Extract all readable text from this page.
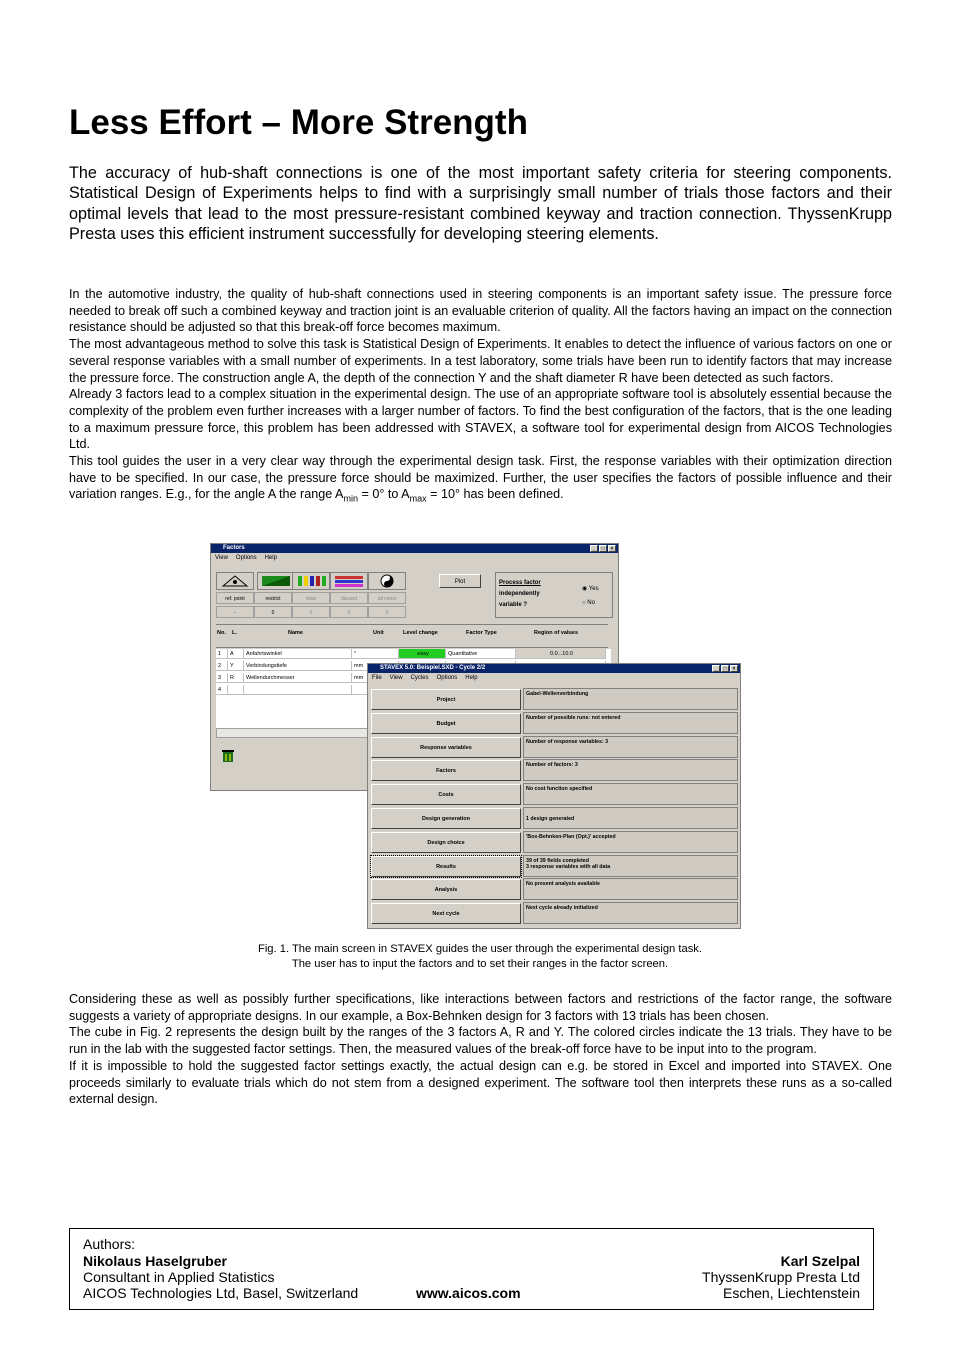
Less Effort – More Strength

The accuracy of hub-shaft connections is one of the most important safety criteria for steering components. Statistical Design of Experiments helps to find with a surprisingly small number of trials those factors and their optimal levels that lead to the most pressure-resistant combined keyway and traction connection. ThyssenKrupp Presta uses this efficient instrument successfully for developing steering elements.

In the automotive industry, the quality of hub-shaft connections used in steering components is an important safety issue. The pressure force needed to break off such a combined keyway and traction joint is an evaluable criterion of quality. All the factors having an impact on the connection resistance should be adjusted so that this break-off force becomes maximum.

The most advantageous method to solve this task is Statistical Design of Experiments. It enables to detect the influence of various factors on one or several response variables with a small number of experiments. In a test laboratory, some trials have been run to identify factors that may increase the pressure force. The construction angle A, the depth of the connection Y and the shaft diameter R have been detected as such factors.

Already 3 factors lead to a complex situation in the experimental design. The use of an appropriate software tool is absolutely essential because the complexity of the problem even further increases with a larger number of factors. To find the best configuration of the factors, that is the one leading to a maximum pressure force, this problem has been addressed with STAVEX, a software tool for experimental design from AICOS Technologies Ltd.

This tool guides the user in a very clear way through the experimental design task. First, the response variables with their optimization direction have to be specified. In our case, the pressure force should be maximized. Further, the user specifies the factors of possible influence and their variation ranges. E.g., for the angle A the range $A_{min} = 0^\circ$ to $A_{max} = 10^\circ$ has been defined.

Factors	_	□	×
View Options Help
ref. point	restrict	relax	discard	all const
-	0	0	0	0
Plot	Process factor
independently
variable ?
◉ Yes
○ No
No. L.	Name	Unit	Level change	Factor Type	Region of values
1	A	Anfahrtswinkel	°	easy	Quantitative	0.0...10.0
2	Y	Verbindungstiefe	mm
3	R	Wellendurchmesser	mm
4
STAVEX 5.0: Beispiel.SXD - Cycle 2/2	_	□	×
File View Cycles Options Help
Project
Gabel-Wellenverbindung
Budget
Number of possible runs: not entered
Response variables
Number of response variables: 3
Factors
Number of factors: 3
Costs
No cost function specified
Design generation
	1 design generated
Design choice
'Box-Behnken-Plan (Opt.)' accepted
Results
39 of 39 fields completed
3 response variables with all data
Analysis
No present analysis available
Next cycle
Next cycle already initialized
Fig. 1. The main screen in STAVEX guides the user through the experimental design task.
The user has to input the factors and to set their ranges in the factor screen.

Considering these as well as possibly further specifications, like interactions between factors and restrictions of the factor range, the software suggests a variety of appropriate designs. In our example, a Box-Behnken design for 3 factors with 13 trials has been chosen.

The cube in Fig. 2 represents the design built by the ranges of the 3 factors A, R and Y. The colored circles indicate the 13 trials. They have to be run in the lab with the suggested factor settings. Then, the measured values of the break-off force have to be input into to the program.

If it is impossible to hold the suggested factor settings exactly, the actual design can e.g. be stored in Excel and imported into STAVEX. One proceeds similarly to evaluate trials which do not stem from a designed experiment. The software tool then interprets these runs as a so-called external design.

Authors:
Nikolaus Haselgruber
Consultant in Applied Statistics
AICOS Technologies Ltd, Basel, Switzerland	www.aicos.com
Karl Szelpal
ThyssenKrupp Presta Ltd
Eschen, Liechtenstein
